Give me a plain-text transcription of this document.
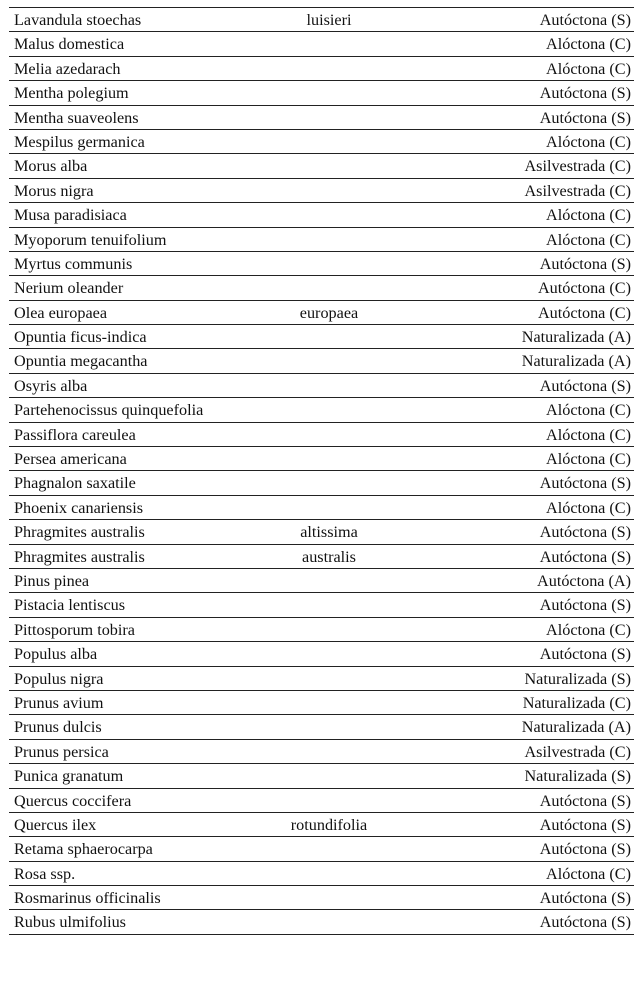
Lavandula stoechas	luisieri	Autóctona (S)
Malus domestica	Alóctona (C)
Melia azedarach	Alóctona (C)
Mentha polegium	Autóctona (S)
Mentha suaveolens	Autóctona (S)
Mespilus germanica	Alóctona (C)
Morus alba	Asilvestrada (C)
Morus nigra	Asilvestrada (C)
Musa paradisiaca	Alóctona (C)
Myoporum tenuifolium	Alóctona (C)
Myrtus communis	Autóctona (S)
Nerium oleander	Autóctona (C)
Olea europaea	europaea	Autóctona (C)
Opuntia ficus-indica	Naturalizada (A)
Opuntia megacantha	Naturalizada (A)
Osyris alba	Autóctona (S)
Partehenocissus quinquefolia	Alóctona (C)
Passiflora careulea	Alóctona (C)
Persea americana	Alóctona (C)
Phagnalon saxatile	Autóctona (S)
Phoenix canariensis	Alóctona (C)
Phragmites australis	altissima	Autóctona (S)
Phragmites australis	australis	Autóctona (S)
Pinus pinea	Autóctona (A)
Pistacia lentiscus	Autóctona (S)
Pittosporum tobira	Alóctona (C)
Populus alba	Autóctona (S)
Populus nigra	Naturalizada (S)
Prunus avium	Naturalizada (C)
Prunus dulcis	Naturalizada (A)
Prunus persica	Asilvestrada (C)
Punica granatum	Naturalizada (S)
Quercus coccifera	Autóctona (S)
Quercus ilex	rotundifolia	Autóctona (S)
Retama sphaerocarpa	Autóctona (S)
Rosa ssp.	Alóctona (C)
Rosmarinus officinalis	Autóctona (S)
Rubus ulmifolius	Autóctona (S)
